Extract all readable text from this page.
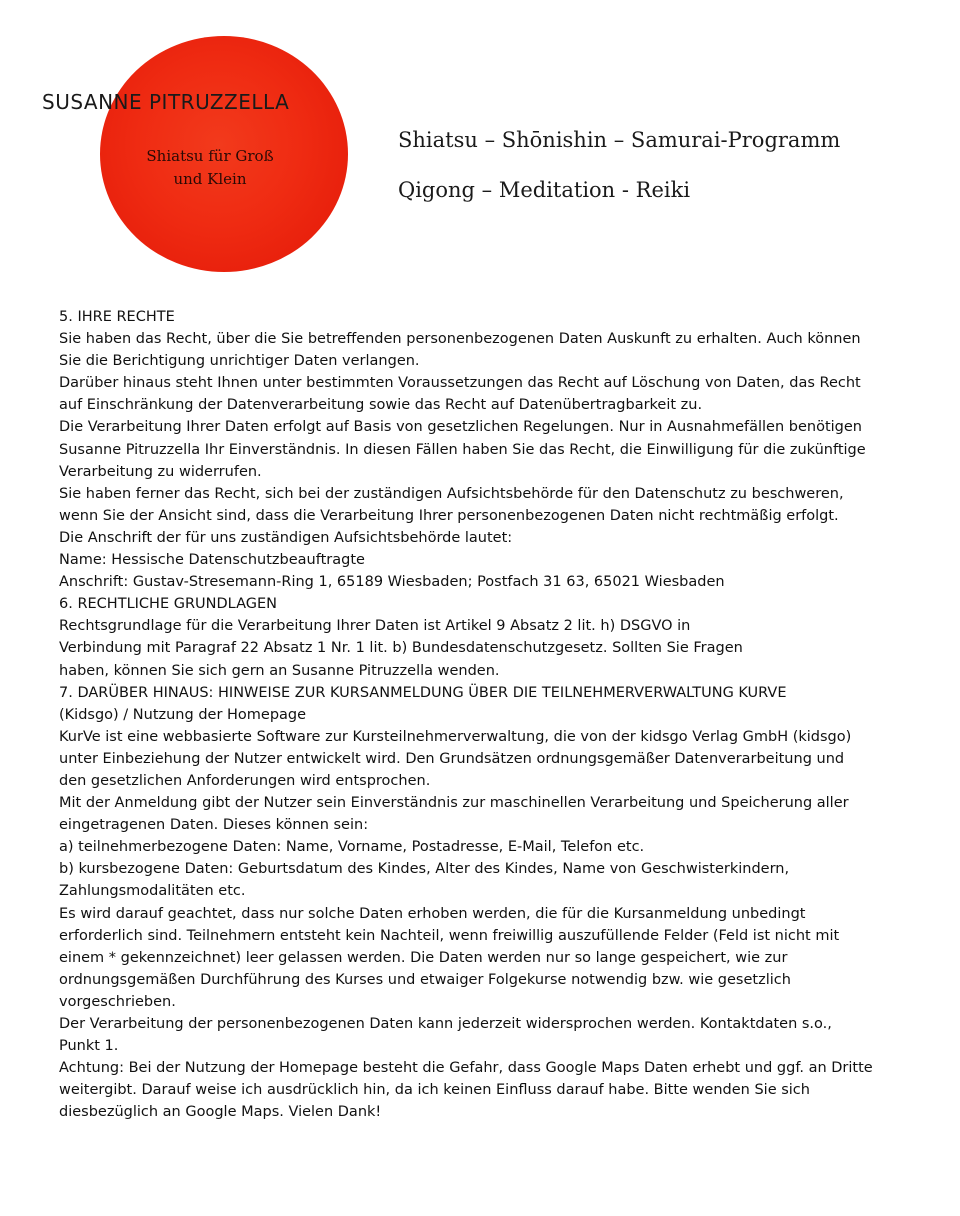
SUSANNE PITRUZZELLA
Shiatsu für Groß
und Klein
Shiatsu – Shōnishin – Samurai-Programm
Qigong – Meditation - Reiki

5. IHRE RECHTE

Sie haben das Recht, über die Sie betreffenden personenbezogenen Daten Auskunft zu erhalten. Auch können

Sie die Berichtigung unrichtiger Daten verlangen.

Darüber hinaus steht Ihnen unter bestimmten Voraussetzungen das Recht auf Löschung von Daten, das Recht

auf Einschränkung der Datenverarbeitung sowie das Recht auf Datenübertragbarkeit zu.

Die Verarbeitung Ihrer Daten erfolgt auf Basis von gesetzlichen Regelungen. Nur in Ausnahmefällen benötigen

Susanne Pitruzzella Ihr Einverständnis. In diesen Fällen haben Sie das Recht, die Einwilligung für die zukünftige

Verarbeitung zu widerrufen.

Sie haben ferner das Recht, sich bei der zuständigen Aufsichtsbehörde für den Datenschutz zu beschweren,

wenn Sie der Ansicht sind, dass die Verarbeitung Ihrer personenbezogenen Daten nicht rechtmäßig erfolgt.

Die Anschrift der für uns zuständigen Aufsichtsbehörde lautet:

Name: Hessische Datenschutzbeauftragte

Anschrift: Gustav-Stresemann-Ring 1, 65189 Wiesbaden; Postfach 31 63, 65021 Wiesbaden

6. RECHTLICHE GRUNDLAGEN

Rechtsgrundlage für die Verarbeitung Ihrer Daten ist Artikel 9 Absatz 2 lit. h) DSGVO in

Verbindung mit Paragraf 22 Absatz 1 Nr. 1 lit. b) Bundesdatenschutzgesetz. Sollten Sie Fragen

haben, können Sie sich gern an Susanne Pitruzzella wenden.

7. DARÜBER HINAUS: HINWEISE ZUR KURSANMELDUNG ÜBER DIE TEILNEHMERVERWALTUNG KURVE

(Kidsgo) / Nutzung der Homepage

KurVe ist eine webbasierte Software zur Kursteilnehmerverwaltung, die von der kidsgo Verlag GmbH (kidsgo)

unter Einbeziehung der Nutzer entwickelt wird. Den Grundsätzen ordnungsgemäßer Datenverarbeitung und

den gesetzlichen Anforderungen wird entsprochen.

Mit der Anmeldung gibt der Nutzer sein Einverständnis zur maschinellen Verarbeitung und Speicherung aller

eingetragenen Daten. Dieses können sein:

a) teilnehmerbezogene Daten: Name, Vorname, Postadresse, E-Mail, Telefon etc.

b) kursbezogene Daten: Geburtsdatum des Kindes, Alter des Kindes, Name von Geschwisterkindern,

Zahlungsmodalitäten etc.

Es wird darauf geachtet, dass nur solche Daten erhoben werden, die für die Kursanmeldung unbedingt

erforderlich sind. Teilnehmern entsteht kein Nachteil, wenn freiwillig auszufüllende Felder (Feld ist nicht mit

einem * gekennzeichnet) leer gelassen werden. Die Daten werden nur so lange gespeichert, wie zur

ordnungsgemäßen Durchführung des Kurses und etwaiger Folgekurse notwendig bzw. wie gesetzlich

vorgeschrieben.

Der Verarbeitung der personenbezogenen Daten kann jederzeit widersprochen werden. Kontaktdaten s.o.,

Punkt 1.

Achtung: Bei der Nutzung der Homepage besteht die Gefahr, dass Google Maps Daten erhebt und ggf. an Dritte

weitergibt. Darauf weise ich ausdrücklich hin, da ich keinen Einfluss darauf habe. Bitte wenden Sie sich

diesbezüglich an Google Maps. Vielen Dank!
